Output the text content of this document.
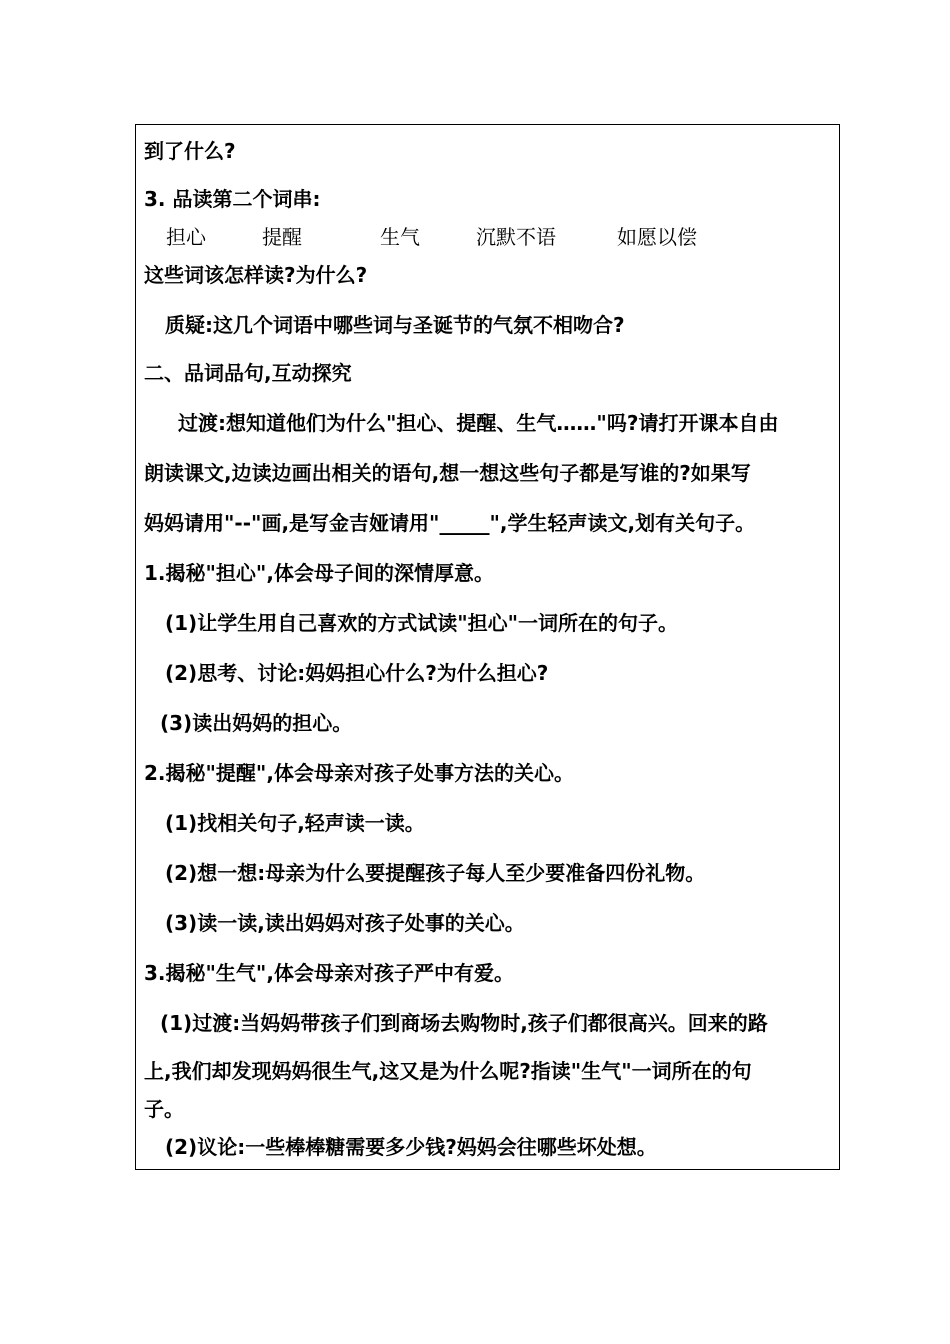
到了什么?
3. 品读第二个词串:
担心	提醒	生气	沉默不语	如愿以偿
这些词该怎样读?为什么?
质疑:这几个词语中哪些词与圣诞节的气氛不相吻合?
二、品词品句,互动探究
过渡:想知道他们为什么"担心、提醒、生气……"吗?请打开课本自由
朗读课文,边读边画出相关的语句,想一想这些句子都是写谁的?如果写
妈妈请用"--"画,是写金吉娅请用"_____",学生轻声读文,划有关句子。
1.揭秘"担心",体会母子间的深情厚意。
(1)让学生用自己喜欢的方式试读"担心"一词所在的句子。
(2)思考、讨论:妈妈担心什么?为什么担心?
(3)读出妈妈的担心。
2.揭秘"提醒",体会母亲对孩子处事方法的关心。
(1)找相关句子,轻声读一读。
(2)想一想:母亲为什么要提醒孩子每人至少要准备四份礼物。
(3)读一读,读出妈妈对孩子处事的关心。
3.揭秘"生气",体会母亲对孩子严中有爱。
(1)过渡:当妈妈带孩子们到商场去购物时,孩子们都很高兴。回来的路
上,我们却发现妈妈很生气,这又是为什么呢?指读"生气"一词所在的句
子。
(2)议论:一些棒棒糖需要多少钱?妈妈会往哪些坏处想。
